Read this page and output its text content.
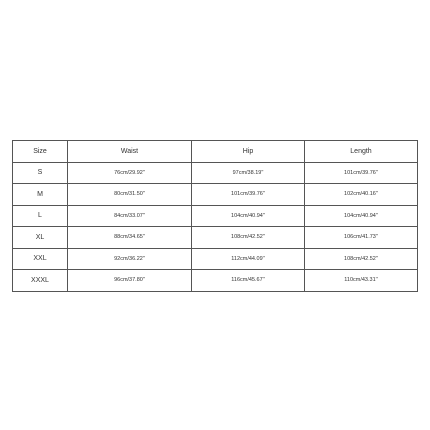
Size	Waist	Hip	Length
S	76cm/29.92''	97cm/38.19''	101cm/39.76''
M	80cm/31.50''	101cm/39.76''	102cm/40.16''
L	84cm/33.07''	104cm/40.94''	104cm/40.94''
XL	88cm/34.65''	108cm/42.52''	106cm/41.73''
XXL	92cm/36.22''	112cm/44.09''	108cm/42.52''
XXXL	96cm/37.80''	116cm/45.67''	110cm/43.31''
